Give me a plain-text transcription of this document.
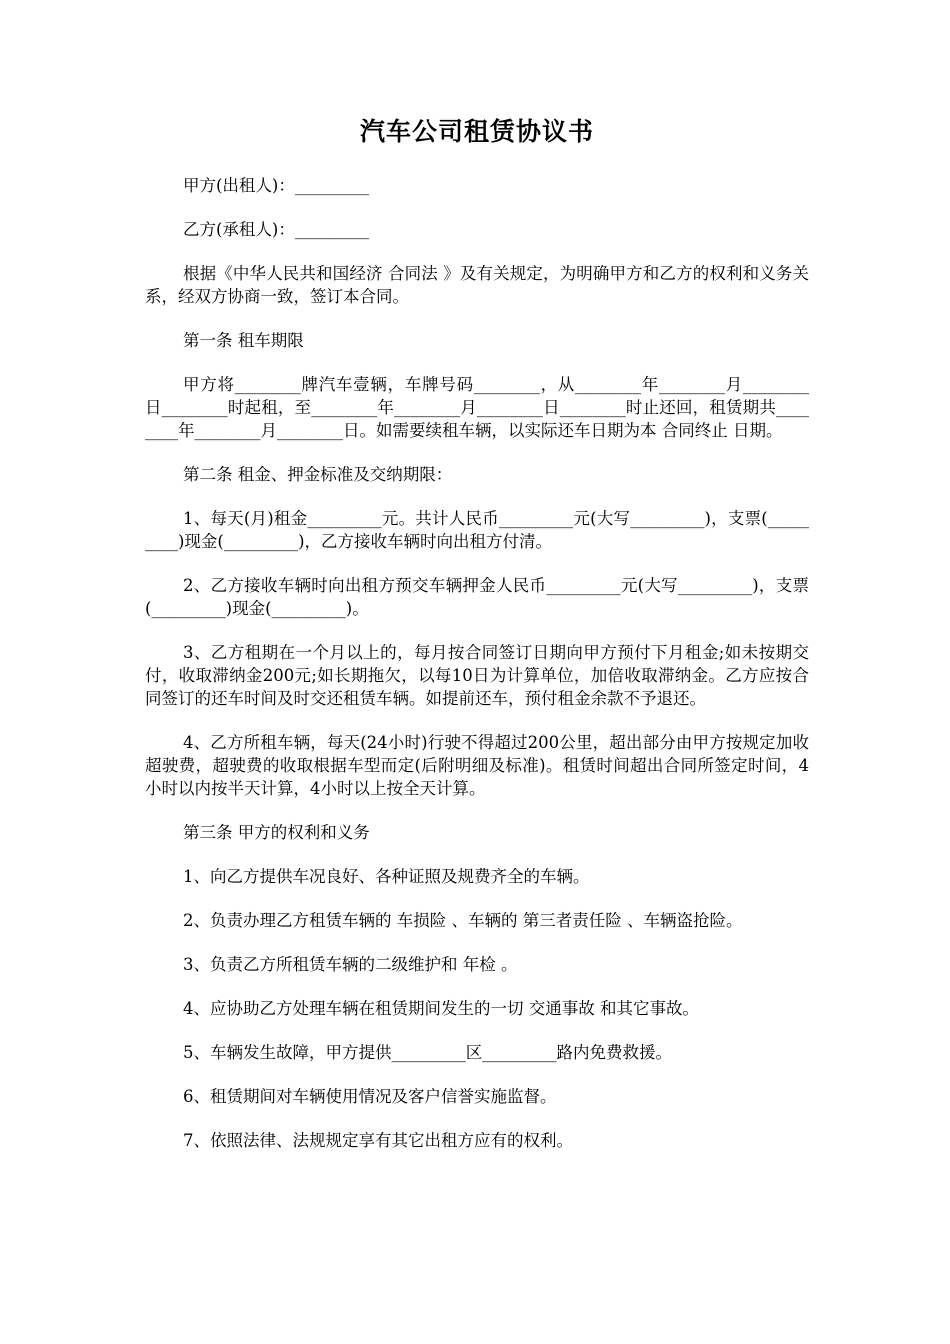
汽车公司租赁协议书

甲方(出租人)：_________

乙方(承租人)：_________

根据《中华人民共和国经济 合同法 》及有关规定，为明确甲方和乙方的权利和义务关系，经双方协商一致，签订本合同。

第一条 租车期限

甲方将________牌汽车壹辆，车牌号码________，从________年________月________日________时起租，至________年________月________日________时止还回，租赁期共________年________月________日。如需要续租车辆，以实际还车日期为本 合同终止 日期。

第二条 租金、押金标准及交纳期限：

1、每天(月)租金_________元。共计人民币_________元(大写_________)，支票(_________)现金(_________)，乙方接收车辆时向出租方付清。

2、乙方接收车辆时向出租方预交车辆押金人民币_________元(大写_________)，支票(_________)现金(_________)。

3、乙方租期在一个月以上的，每月按合同签订日期向甲方预付下月租金;如未按期交付，收取滞纳金200元;如长期拖欠，以每10日为计算单位，加倍收取滞纳金。乙方应按合同签订的还车时间及时交还租赁车辆。如提前还车，预付租金余款不予退还。

4、乙方所租车辆，每天(24小时)行驶不得超过200公里，超出部分由甲方按规定加收超驶费，超驶费的收取根据车型而定(后附明细及标准)。租赁时间超出合同所签定时间，4小时以内按半天计算，4小时以上按全天计算。

第三条 甲方的权利和义务

1、向乙方提供车况良好、各种证照及规费齐全的车辆。

2、负责办理乙方租赁车辆的 车损险 、车辆的 第三者责任险 、车辆盗抢险。

3、负责乙方所租赁车辆的二级维护和 年检 。

4、应协助乙方处理车辆在租赁期间发生的一切 交通事故 和其它事故。

5、车辆发生故障，甲方提供_________区_________路内免费救援。

6、租赁期间对车辆使用情况及客户信誉实施监督。

7、依照法律、法规规定享有其它出租方应有的权利。
